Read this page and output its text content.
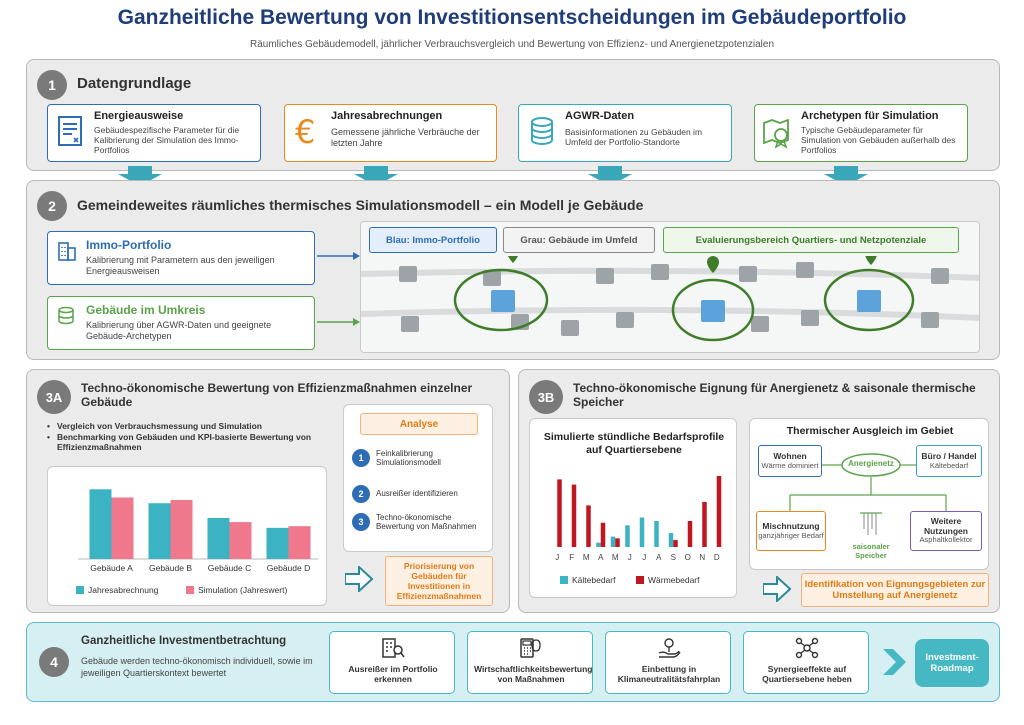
Ganzheitliche Bewertung von Investitionsentscheidungen im Gebäudeportfolio
Räumliches Gebäudemodell, jährlicher Verbrauchsvergleich und Bewertung von Effizienz- und Anergienetzpotenzialen
1	Datengrundlage
Energieausweise
Gebäudespezifische Parameter für die Kalibrierung der Simulation des Immo-Portfolios	€ Jahresabrechnungen
Gemessene jährliche Verbräuche der letzten Jahre
AGWR-Daten
Basisinformationen zu Gebäuden im Umfeld der Portfolio-Standorte
Archetypen für Simulation
Typische Gebäudeparameter für Simulation von Gebäuden außerhalb des Portfolios
2	Gemeindeweites räumliches thermisches Simulationsmodell – ein Modell je Gebäude
Immo-Portfolio
Kalibrierung mit Parametern aus den jeweiligen Energieausweisen
Gebäude im Umkreis
Kalibrierung über AGWR-Daten und geeignete Gebäude-Archetypen
Blau: Immo-Portfolio	Grau: Gebäude im Umfeld	Evaluierungsbereich Quartiers- und Netzpotenziale
3A
Techno-ökonomische Bewertung von Effizienzmaßnahmen einzelner Gebäude
• Vergleich von Verbrauchsmessung und Simulation
• Benchmarking von Gebäuden und KPI-basierte Bewertung von Effizienzmaßnahmen
Gebäude A Gebäude B Gebäude C Gebäude D
Jahresabrechnung	Simulation (Jahreswert)
Analyse
1	Feinkalibrierung Simulationsmodell
2	Ausreißer identifizieren
3	Techno-ökonomische Bewertung von Maßnahmen
Priorisierung von Gebäuden für Investitionen in Effizienzmaßnahmen
3B
Techno-ökonomische Eignung für Anergienetz & saisonale thermische Speicher
Simulierte stündliche Bedarfsprofile auf Quartiersebene
J F M A M J J A S O N D
Kältebedarf	Wärmebedarf
Thermischer Ausgleich im Gebiet
Anergienetz
Wohnen
Wärme dominiert
Büro / Handel
Kältebedarf
Mischnutzung
ganzjähriger Bedarf
Weitere Nutzungen
Asphaltkollektor
saisonaler Speicher
Identifikation von Eignungsgebieten zur Umstellung auf Anergienetz
4
Ganzheitliche Investmentbetrachtung
Gebäude werden techno-ökonomisch individuell, sowie im jeweiligen Quartierskontext bewertet	Ausreißer im Portfolio erkennen
Wirtschaftlichkeitsbewertung von Maßnahmen
Einbettung in Klimaneutralitätsfahrplan
Synergieeffekte auf Quartiersebene heben
Investment-Roadmap
